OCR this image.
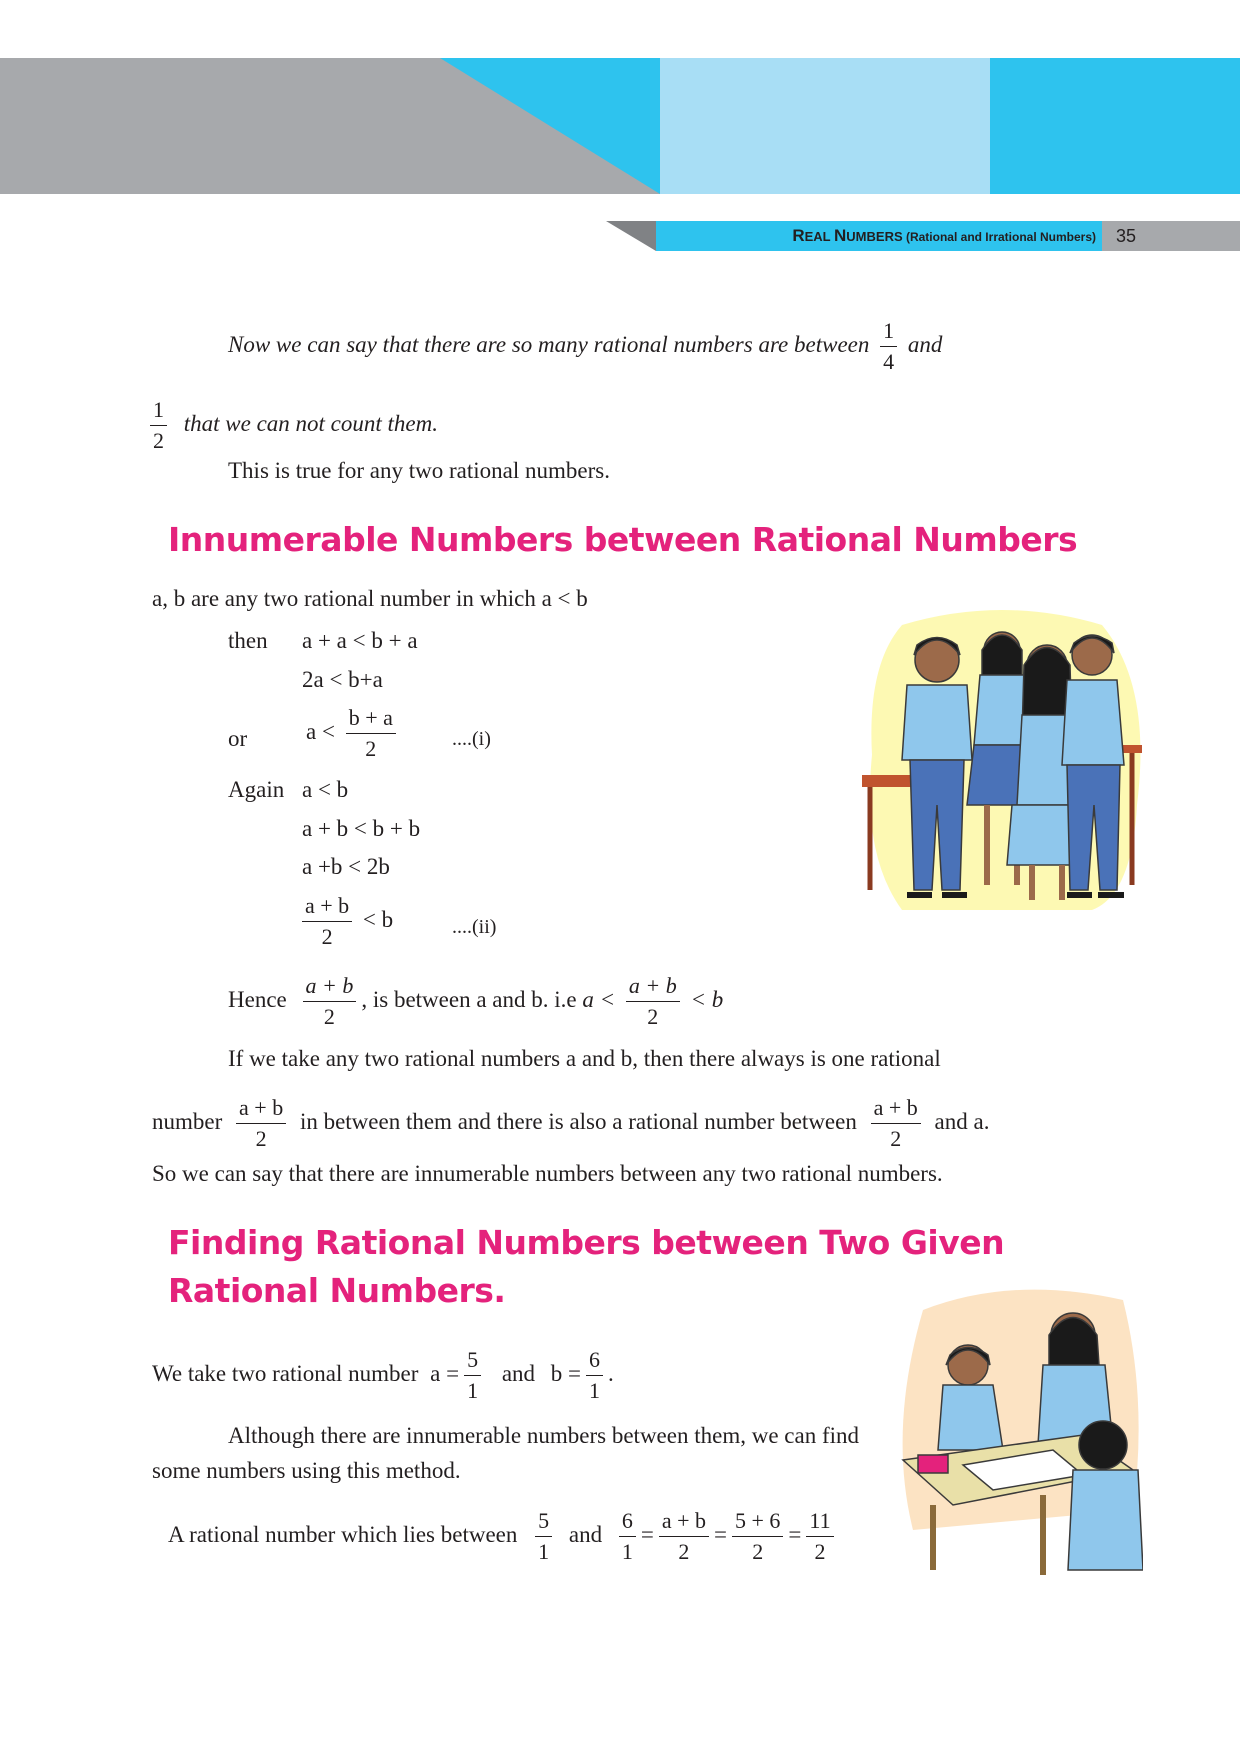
REAL NUMBERS (Rational and Irrational Numbers)	35
Now we can say that there are so many rational numbers are between $\frac{1}{4}$ and
$\frac{1}{2}$ that we can not count them.
This is true for any two rational numbers.
Innumerable Numbers between Rational Numbers
a, b are any two rational number in which a < b
then a + a < b + a
2a < b+a
or	$a < \frac{b + a}{2}$	....(i)
Again a < b
a + b < b + b
a +b < 2b
$\frac{a + b}{2} < b$	....(ii)
Hence $\frac{a + b}{2}$ , is between a and b. i.e $a < \frac{a + b}{2} < b$
If we take any two rational numbers a and b, then there always is one rational
number $\frac{a + b}{2}$ in between them and there is also a rational number between $\frac{a + b}{2}$ and a.
So we can say that there are innumerable numbers between any two rational numbers.
Finding Rational Numbers between Two Given
Rational Numbers.
We take two rational number $a = \frac{5}{1}$ and $b = \frac{6}{1}$ .
Although there are innumerable numbers between them, we can find
some numbers using this method.
A rational number which lies between $\frac{5}{1}$ and $\frac{6}{1} = \frac{a + b}{2} = \frac{5 + 6}{2} = \frac{11}{2}$
